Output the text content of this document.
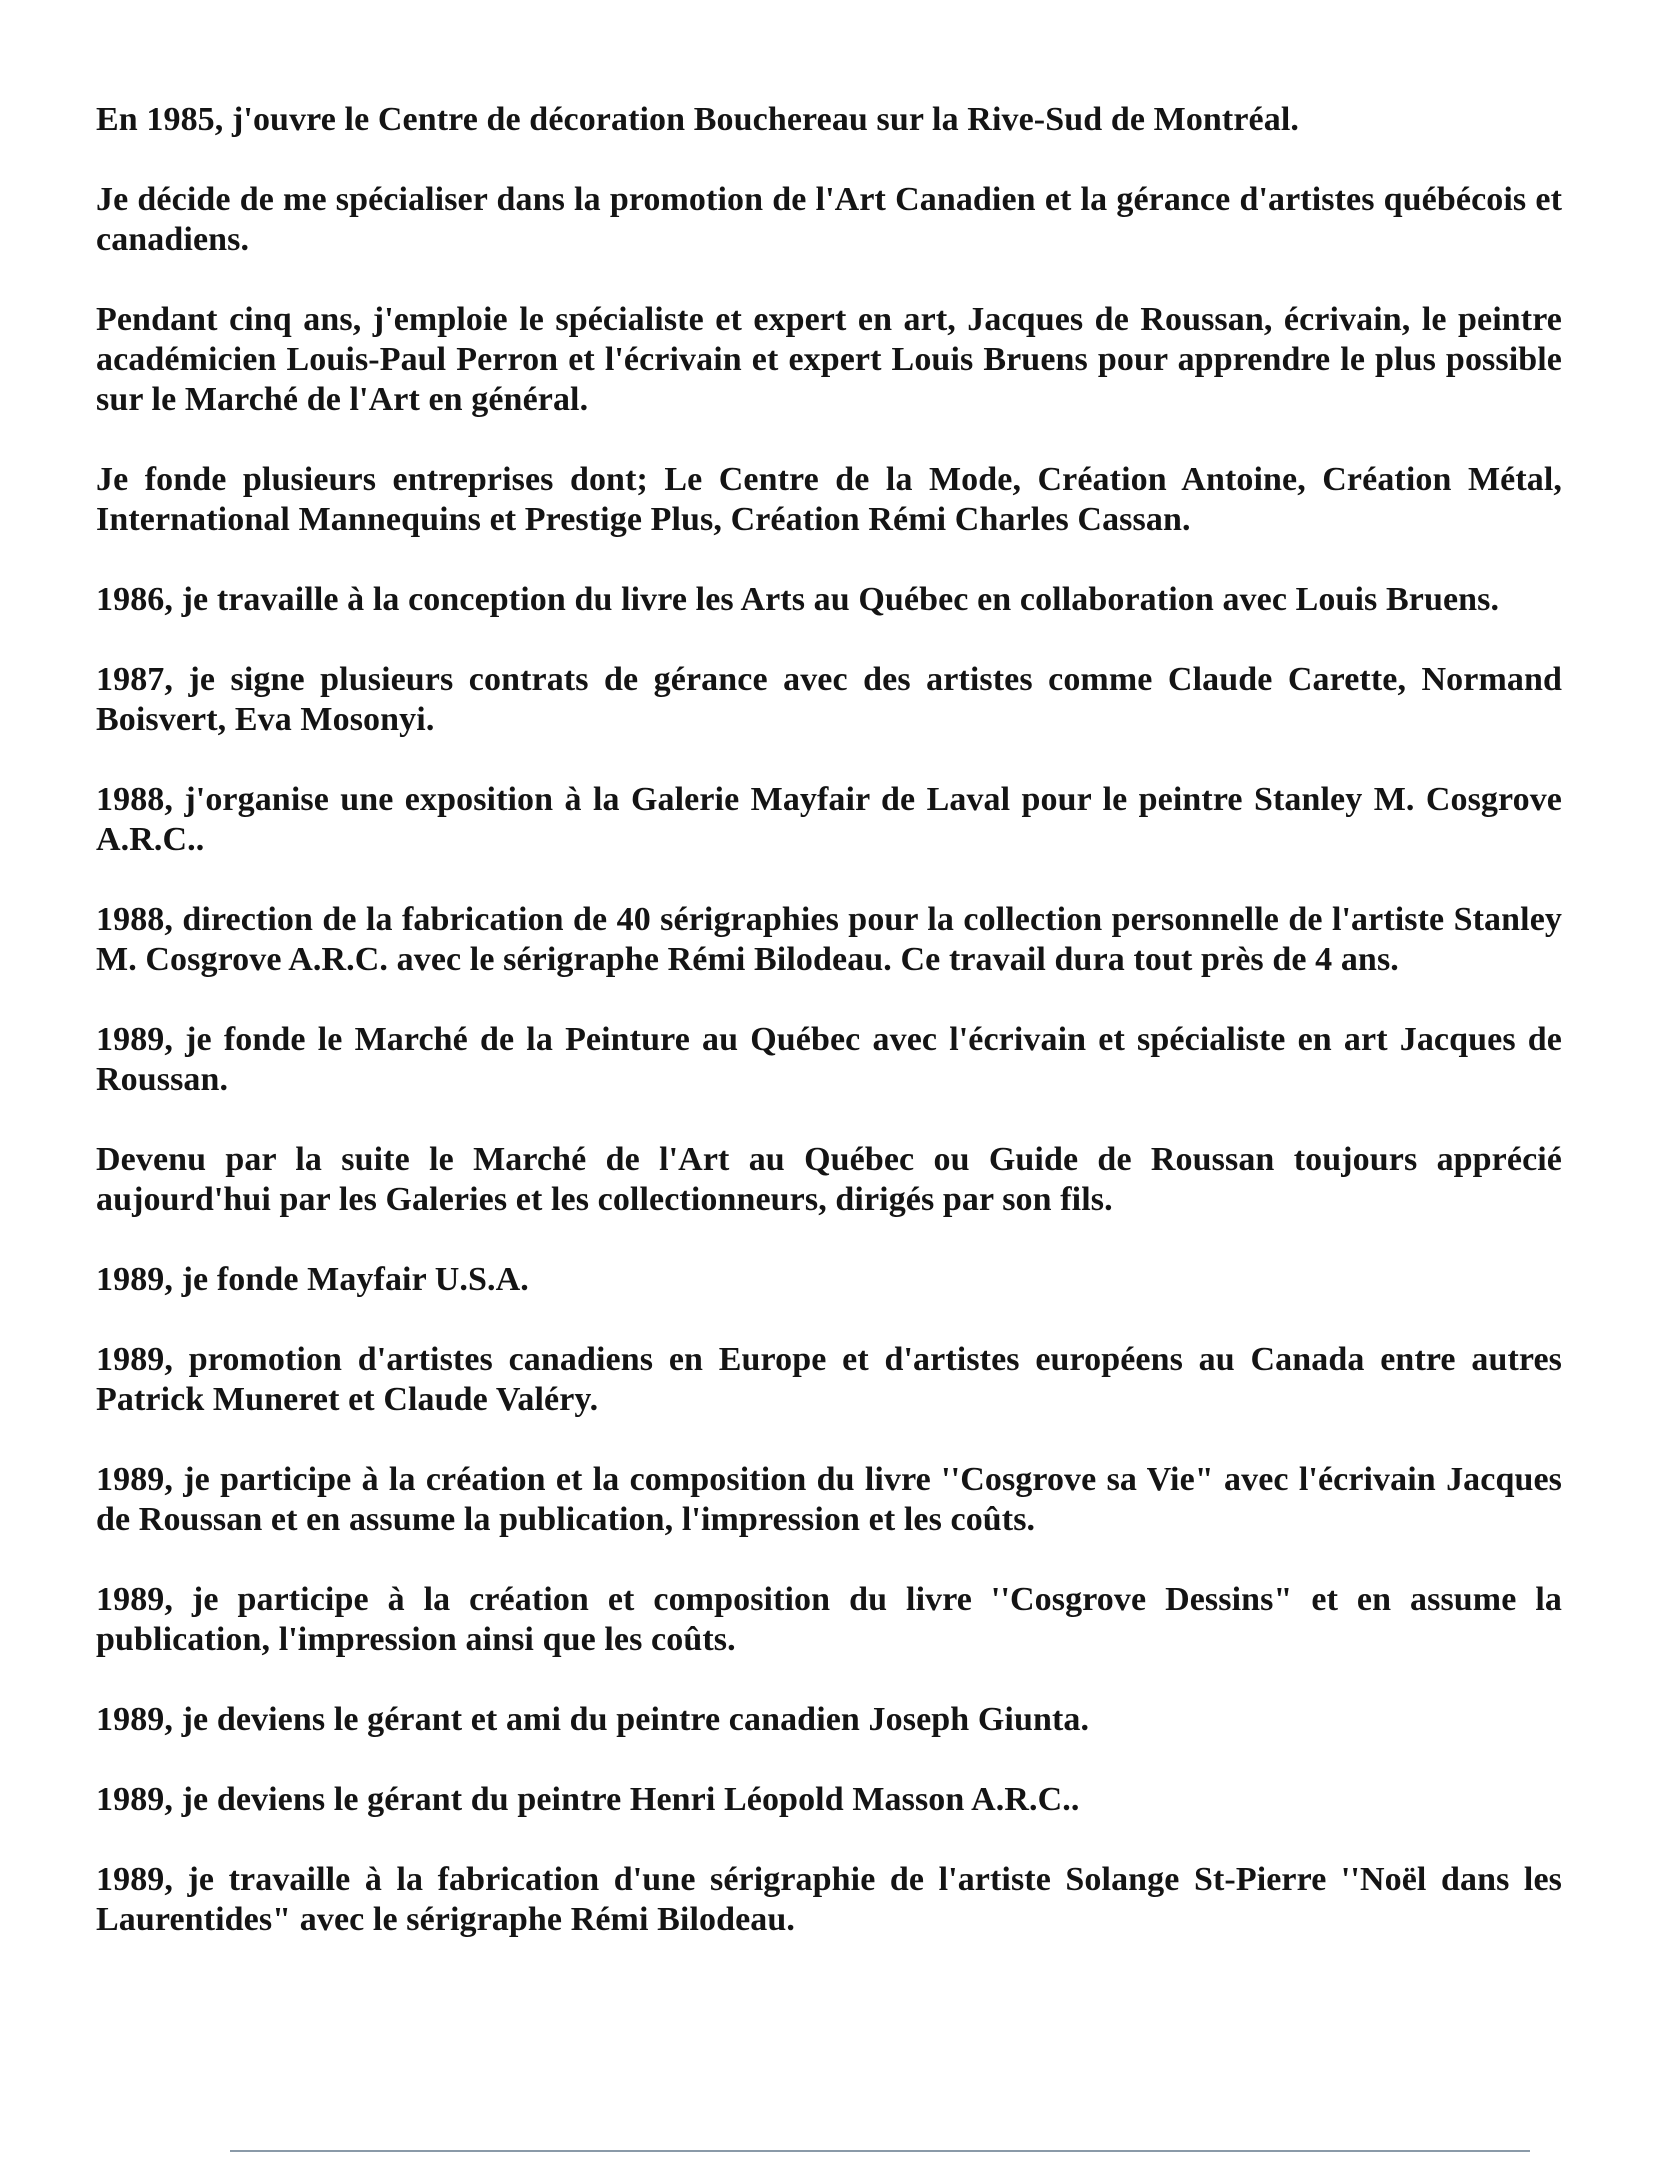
En 1985, j'ouvre le Centre de décoration Bouchereau sur la Rive-Sud de Montréal.

Je décide de me spécialiser dans la promotion de l'Art Canadien et la gérance d'artistes québécois et canadiens.

Pendant cinq ans, j'emploie le spécialiste et expert en art, Jacques de Roussan, écrivain, le peintre académicien Louis-Paul Perron et l'écrivain et expert Louis Bruens pour apprendre le plus possible sur le Marché de l'Art en général.

Je fonde plusieurs entreprises dont; Le Centre de la Mode, Création Antoine, Création Métal, International Mannequins et Prestige Plus, Création Rémi Charles Cassan.

1986, je travaille à la conception du livre les Arts au Québec en collaboration avec Louis Bruens.

1987, je signe plusieurs contrats de gérance avec des artistes comme Claude Carette, Normand Boisvert, Eva Mosonyi.

1988, j'organise une exposition à la Galerie Mayfair de Laval pour le peintre Stanley M. Cosgrove A.R.C..

1988, direction de la fabrication de 40 sérigraphies pour la collection personnelle de l'artiste Stanley M. Cosgrove A.R.C. avec le sérigraphe Rémi Bilodeau. Ce travail dura tout près de 4 ans.

1989, je fonde le Marché de la Peinture au Québec avec l'écrivain et spécialiste en art Jacques de Roussan.

Devenu par la suite le Marché de l'Art au Québec ou Guide de Roussan toujours apprécié aujourd'hui par les Galeries et les collectionneurs, dirigés par son fils.

1989, je fonde Mayfair U.S.A.

1989, promotion d'artistes canadiens en Europe et d'artistes européens au Canada entre autres Patrick Muneret et Claude Valéry.

1989, je participe à la création et la composition du livre ''Cosgrove sa Vie" avec l'écrivain Jacques de Roussan et en assume la publication, l'impression et les coûts.

1989, je participe à la création et composition du livre ''Cosgrove Dessins" et en assume la publication, l'impression ainsi que les coûts.

1989, je deviens le gérant et ami du peintre canadien Joseph Giunta.

1989, je deviens le gérant du peintre Henri Léopold Masson A.R.C..

1989, je travaille à la fabrication d'une sérigraphie de l'artiste Solange St-Pierre ''Noël dans les Laurentides" avec le sérigraphe Rémi Bilodeau.
